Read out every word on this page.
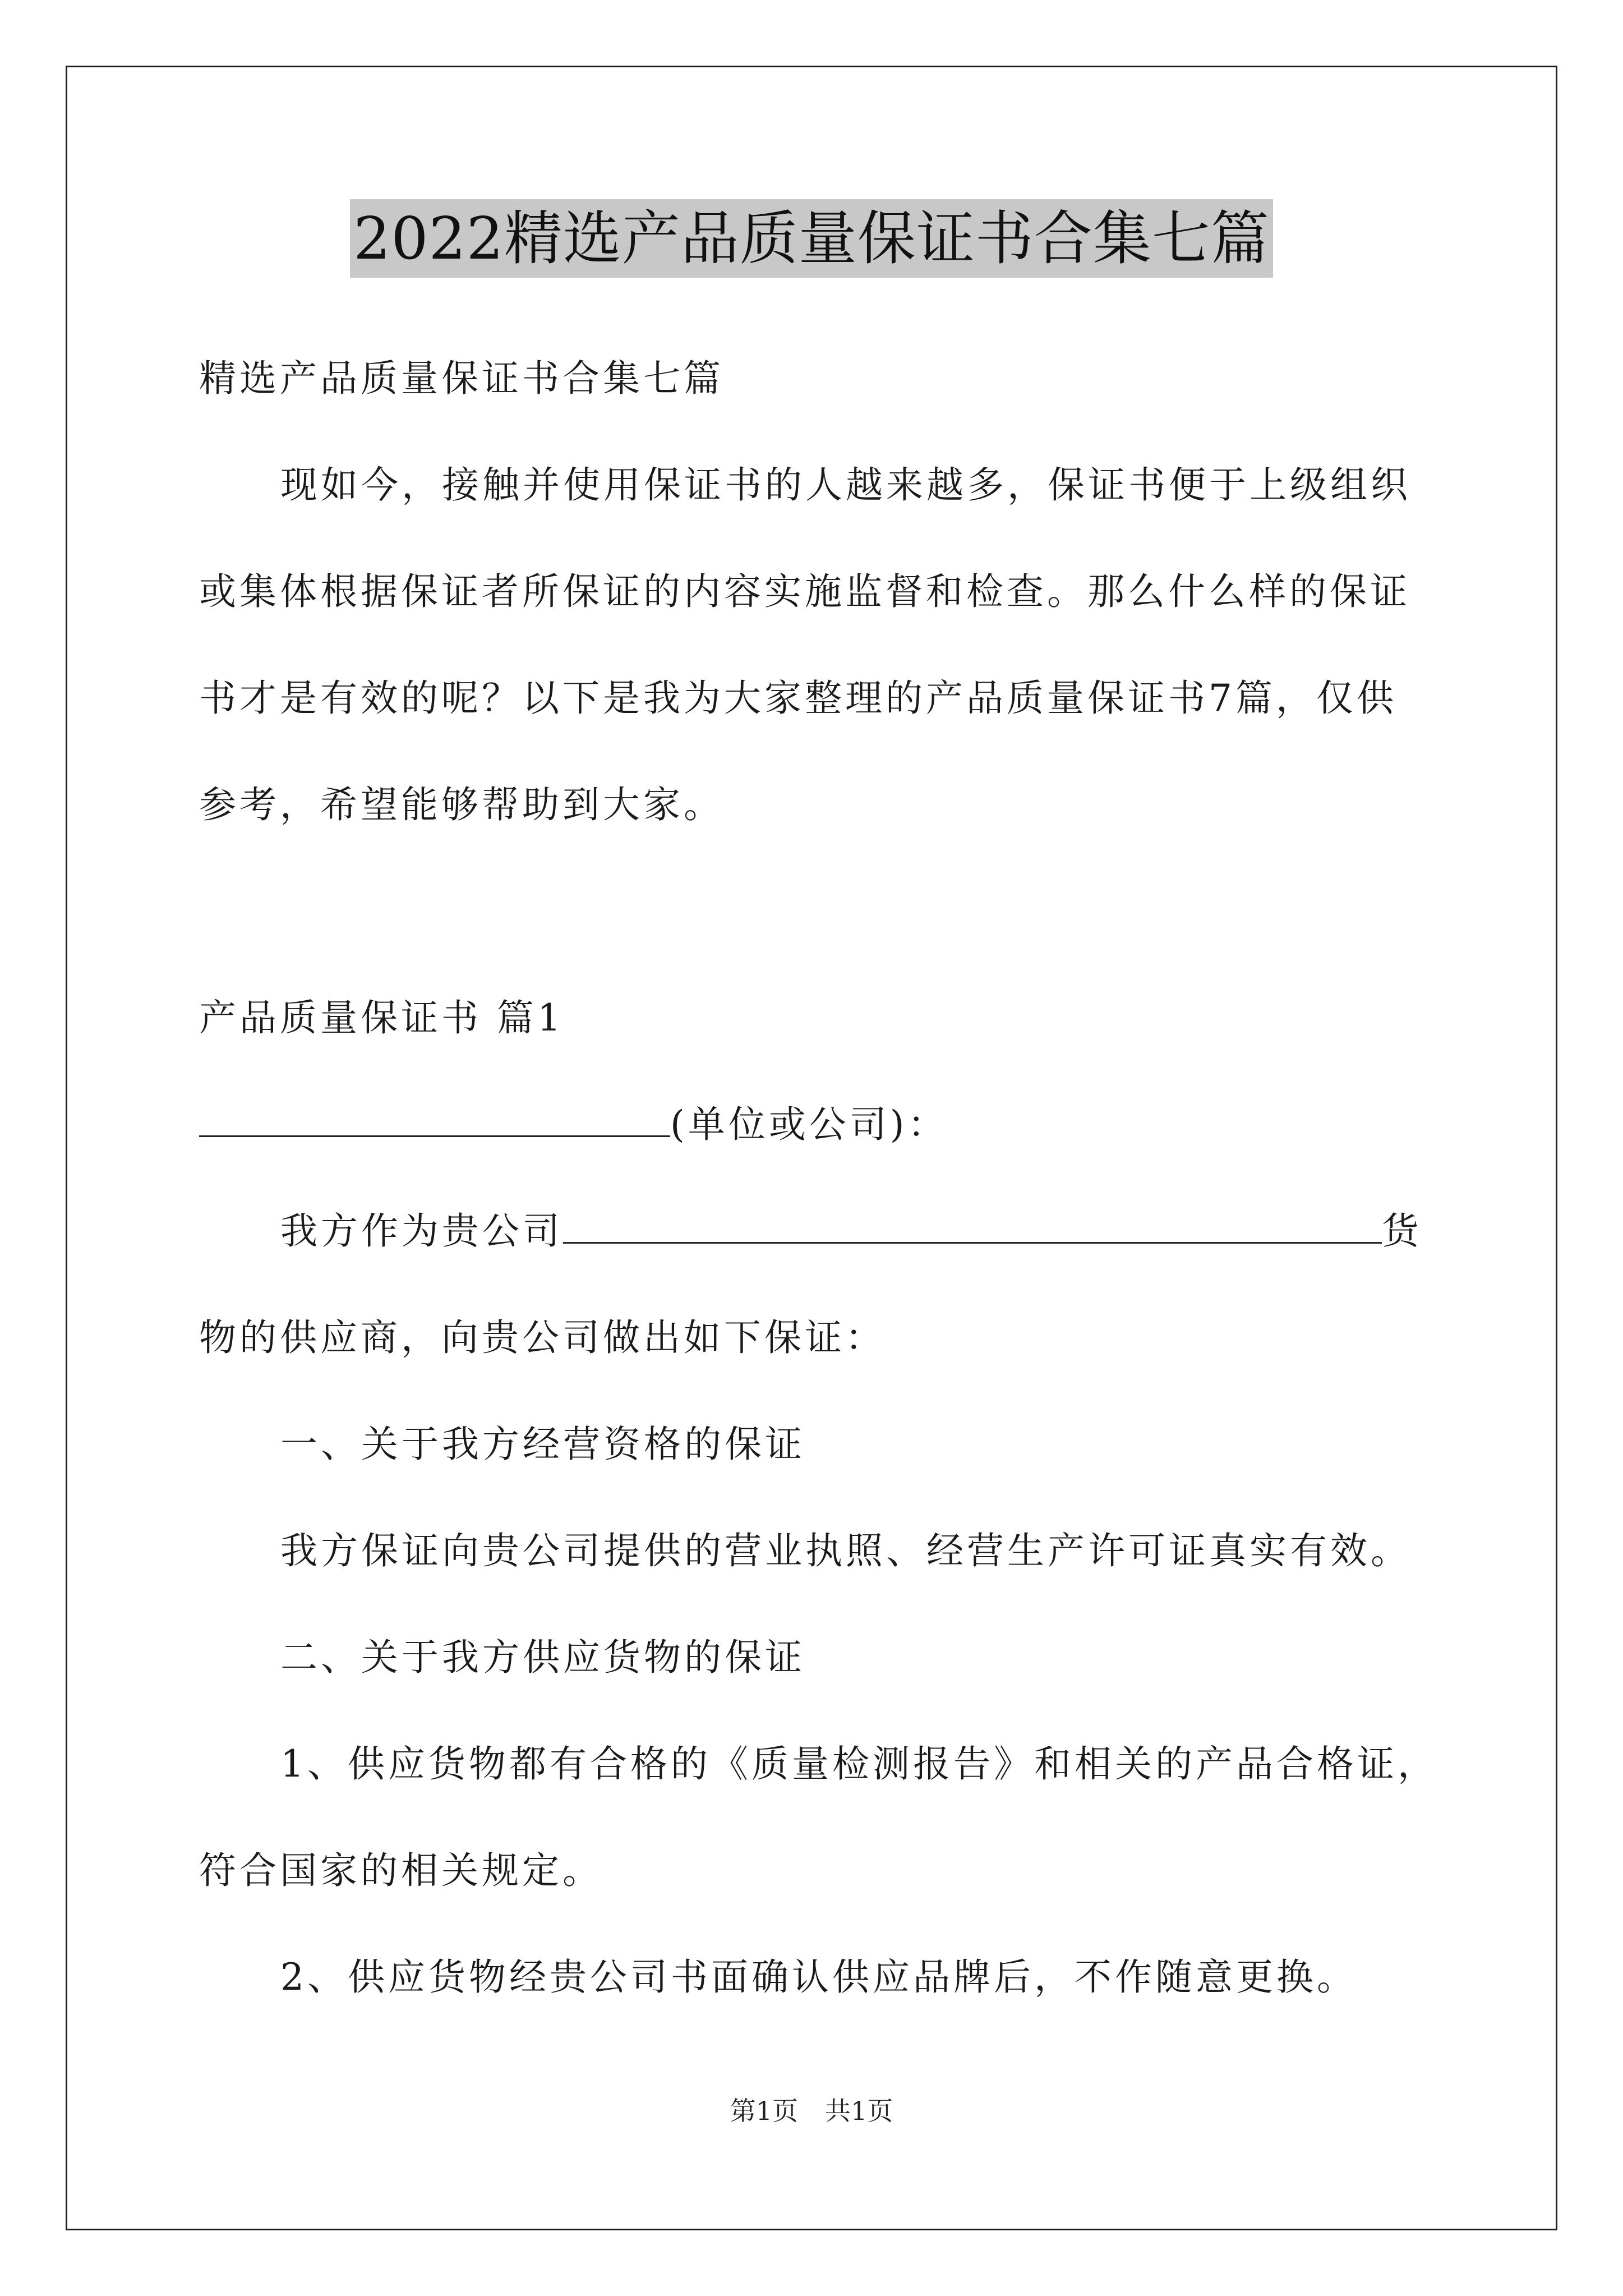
2022精选产品质量保证书合集七篇
精选产品质量保证书合集七篇
现如今，接触并使用保证书的人越来越多，保证书便于上级组织
或集体根据保证者所保证的内容实施监督和检查。那么什么样的保证
书才是有效的呢？以下是我为大家整理的产品质量保证书7篇，仅供
参考，希望能够帮助到大家。
产品质量保证书 篇1
(单位或公司)：
我方作为贵公司	货
物的供应商，向贵公司做出如下保证：
一、关于我方经营资格的保证
我方保证向贵公司提供的营业执照、经营生产许可证真实有效。
二、关于我方供应货物的保证
1、供应货物都有合格的《质量检测报告》和相关的产品合格证，
符合国家的相关规定。
2、供应货物经贵公司书面确认供应品牌后，不作随意更换。
第1页 共1页
